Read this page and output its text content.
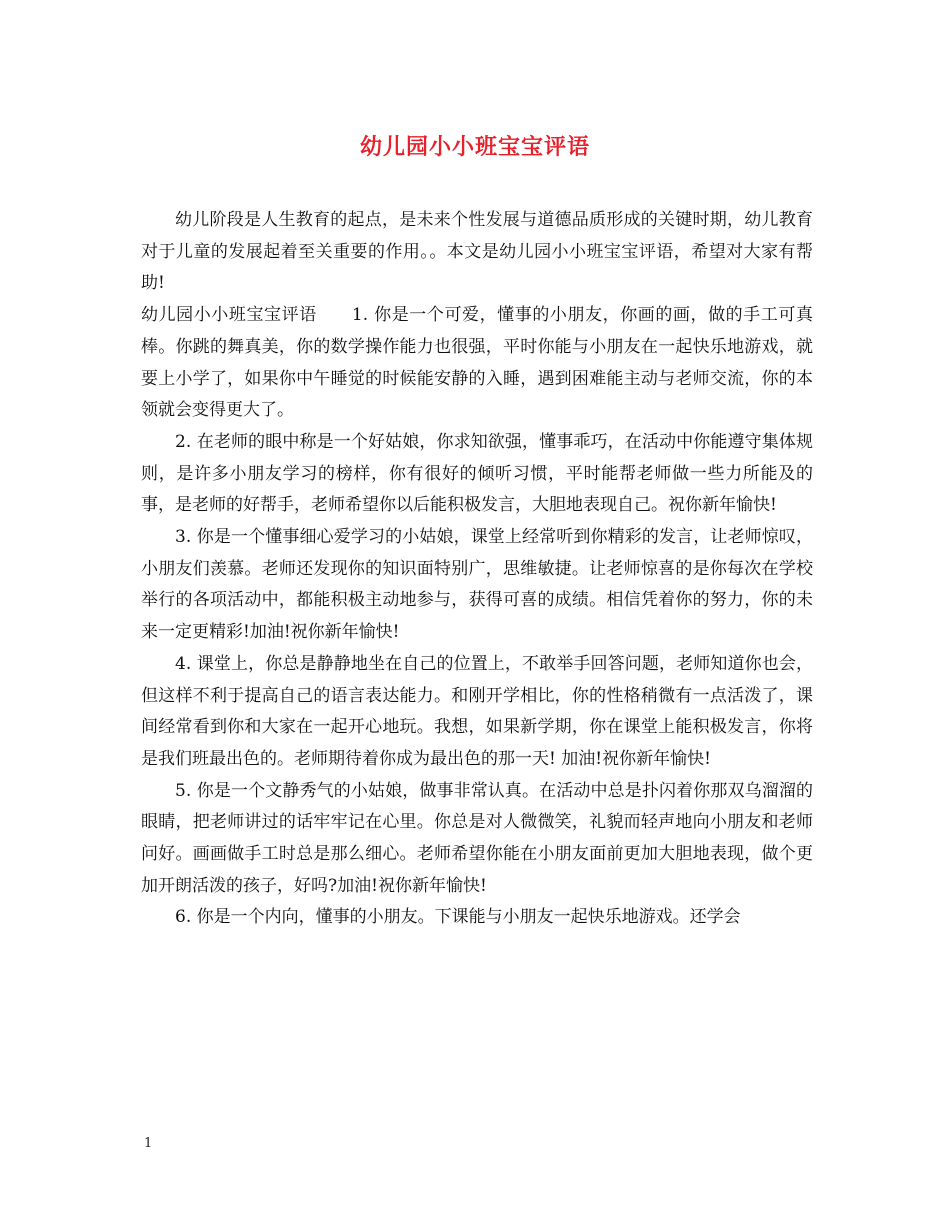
幼儿园小小班宝宝评语

幼儿阶段是人生教育的起点，是未来个性发展与道德品质形成的关键时期，幼儿教育对于儿童的发展起着至关重要的作用。。本文是幼儿园小小班宝宝评语，希望对大家有帮助!

幼儿园小小班宝宝评语　　1. 你是一个可爱，懂事的小朋友，你画的画，做的手工可真棒。你跳的舞真美，你的数学操作能力也很强，平时你能与小朋友在一起快乐地游戏，就要上小学了，如果你中午睡觉的时候能安静的入睡，遇到困难能主动与老师交流，你的本领就会变得更大了。

2. 在老师的眼中称是一个好姑娘，你求知欲强，懂事乖巧，在活动中你能遵守集体规则，是许多小朋友学习的榜样，你有很好的倾听习惯，平时能帮老师做一些力所能及的事，是老师的好帮手，老师希望你以后能积极发言，大胆地表现自己。祝你新年愉快!

3. 你是一个懂事细心爱学习的小姑娘，课堂上经常听到你精彩的发言，让老师惊叹，小朋友们羡慕。老师还发现你的知识面特别广，思维敏捷。让老师惊喜的是你每次在学校举行的各项活动中，都能积极主动地参与，获得可喜的成绩。相信凭着你的努力，你的未来一定更精彩!加油!祝你新年愉快!

4. 课堂上，你总是静静地坐在自己的位置上，不敢举手回答问题，老师知道你也会，但这样不利于提高自己的语言表达能力。和刚开学相比，你的性格稍微有一点活泼了，课间经常看到你和大家在一起开心地玩。我想，如果新学期，你在课堂上能积极发言，你将是我们班最出色的。老师期待着你成为最出色的那一天! 加油!祝你新年愉快!

5. 你是一个文静秀气的小姑娘，做事非常认真。在活动中总是扑闪着你那双乌溜溜的眼睛，把老师讲过的话牢牢记在心里。你总是对人微微笑，礼貌而轻声地向小朋友和老师问好。画画做手工时总是那么细心。老师希望你能在小朋友面前更加大胆地表现，做个更加开朗活泼的孩子，好吗?加油!祝你新年愉快!

6. 你是一个内向，懂事的小朋友。下课能与小朋友一起快乐地游戏。还学会

1
